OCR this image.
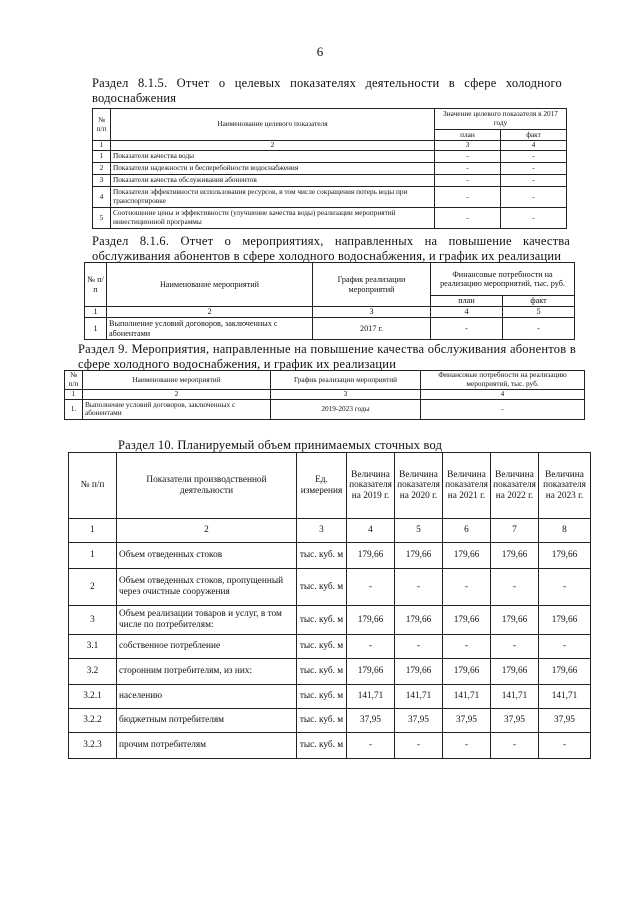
6
Раздел 8.1.5. Отчет о целевых показателях деятельности в сфере холодного водоснабжения
№ п/п	Наименование целевого показателя	Значение целевого показателя в 2017 году	
		план	факт
1	2	3	4
1	Показатели качества воды	-	-
2	Показатели надежности и бесперебойности водоснабжения	-	-
3	Показатели качества обслуживания абонентов	-	-
4	Показатели эффективности использования ресурсов, в том числе сокращения потерь воды при транспортировке	-	-
5	Соотношение цены и эффективности (улучшение качества воды) реализации мероприятий инвестиционной программы	-	-
Раздел 8.1.6. Отчет о мероприятиях, направленных на повышение качества обслуживания абонентов в сфере холодного водоснабжения, и график их реализации
№ п/п	Наименование мероприятий	График реализации мероприятий	Финансовые потребности на реализацию мероприятий, тыс. руб.	
			план	факт
1	2	3	4	5
1	Выполнение условий договоров, заключенных с абонентами	2017 г.	-	-
Раздел 9. Мероприятия, направленные на повышение качества обслуживания абонентов в сфере холодного водоснабжения, и график их реализации
№ п/п	Наименование мероприятий	График реализации мероприятий	Финансовые потребности на реализацию мероприятий, тыс. руб.
1	2	3	4
1.	Выполнение условий договоров, заключенных с абонентами	2019-2023 годы	-
Раздел 10. Планируемый объем принимаемых сточных вод
№ п/п	Показатели производственной деятельности	Ед. измерения	Величина показателя на 2019 г.	Величина показателя на 2020 г.	Величина показателя на 2021 г.	Величина показателя на 2022 г.	Величина показателя на 2023 г.
1	2	3	4	5	6	7	8
1	Объем отведенных стоков	тыс. куб. м	179,66	179,66	179,66	179,66	179,66
2	Объем отведенных стоков, пропущенный через очистные сооружения	тыс. куб. м	-	-	-	-	-
3	Объем реализации товаров и услуг, в том числе по потребителям:	тыс. куб. м	179,66	179,66	179,66	179,66	179,66
3.1	собственное потребление	тыс. куб. м	-	-	-	-	-
3.2	сторонним потребителям, из них:	тыс. куб. м	179,66	179,66	179,66	179,66	179,66
3.2.1	населению	тыс. куб. м	141,71	141,71	141,71	141,71	141,71
3.2.2	бюджетным потребителям	тыс. куб. м	37,95	37,95	37,95	37,95	37,95
3.2.3	прочим потребителям	тыс. куб. м	-	-	-	-	-
